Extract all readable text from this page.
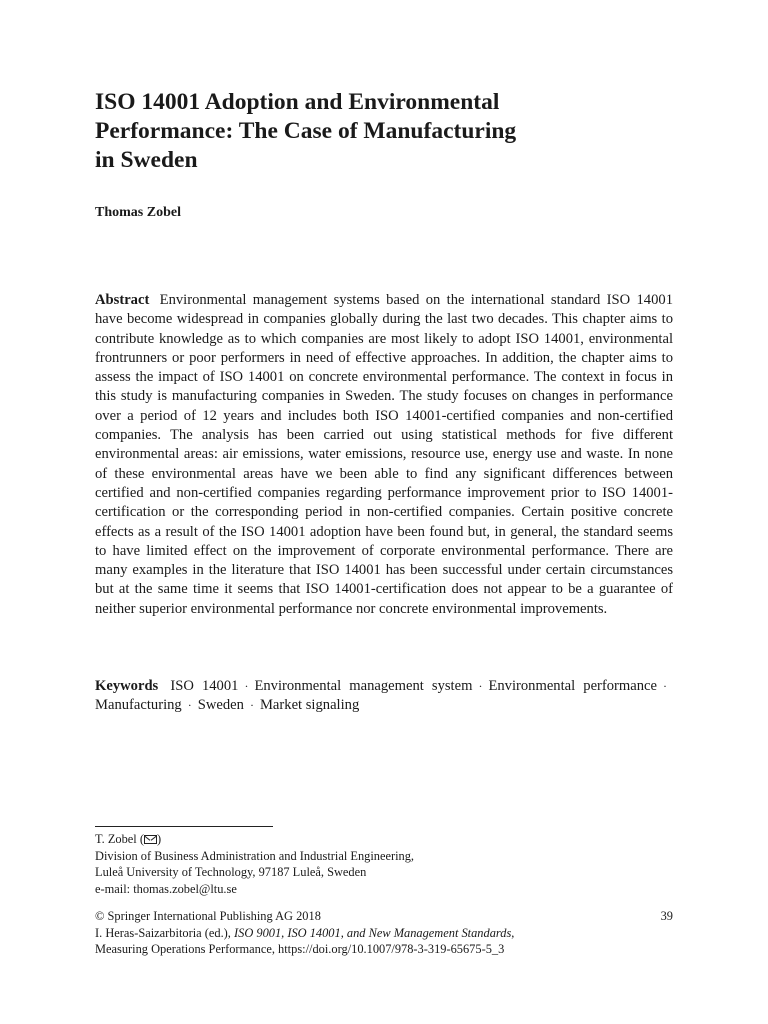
ISO 14001 Adoption and Environmental
Performance: The Case of Manufacturing
in Sweden
Thomas Zobel

Abstract Environmental management systems based on the international standard ISO 14001 have become widespread in companies globally during the last two decades. This chapter aims to contribute knowledge as to which companies are most likely to adopt ISO 14001, environmental frontrunners or poor performers in need of effective approaches. In addition, the chapter aims to assess the impact of ISO 14001 on concrete environmental performance. The context in focus in this study is manufacturing companies in Sweden. The study focuses on changes in performance over a period of 12 years and includes both ISO 14001-certified companies and non-certified companies. The analysis has been carried out using statistical methods for five different environmental areas: air emissions, water emissions, resource use, energy use and waste. In none of these environmental areas have we been able to find any significant differences between certified and non-certified companies regarding performance improvement prior to ISO 14001-certification or the corresponding period in non-certified companies. Certain positive concrete effects as a result of the ISO 14001 adoption have been found but, in general, the standard seems to have limited effect on the improvement of corporate environmental performance. There are many examples in the literature that ISO 14001 has been successful under certain circumstances but at the same time it seems that ISO 14001-certification does not appear to be a guarantee of neither superior environmental performance nor concrete environmental improvements.

Keywords ISO 14001 · Environmental management system · Environmental performance ·Manufacturing · Sweden · Market signaling

T. Zobel ( )
Division of Business Administration and Industrial Engineering,
Luleå University of Technology, 97187 Luleå, Sweden
e-mail: thomas.zobel@ltu.se
© Springer International Publishing AG 2018
I. Heras-Saizarbitoria (ed.), ISO 9001, ISO 14001, and New Management Standards,
Measuring Operations Performance, https://doi.org/10.1007/978-3-319-65675-5_3
39
